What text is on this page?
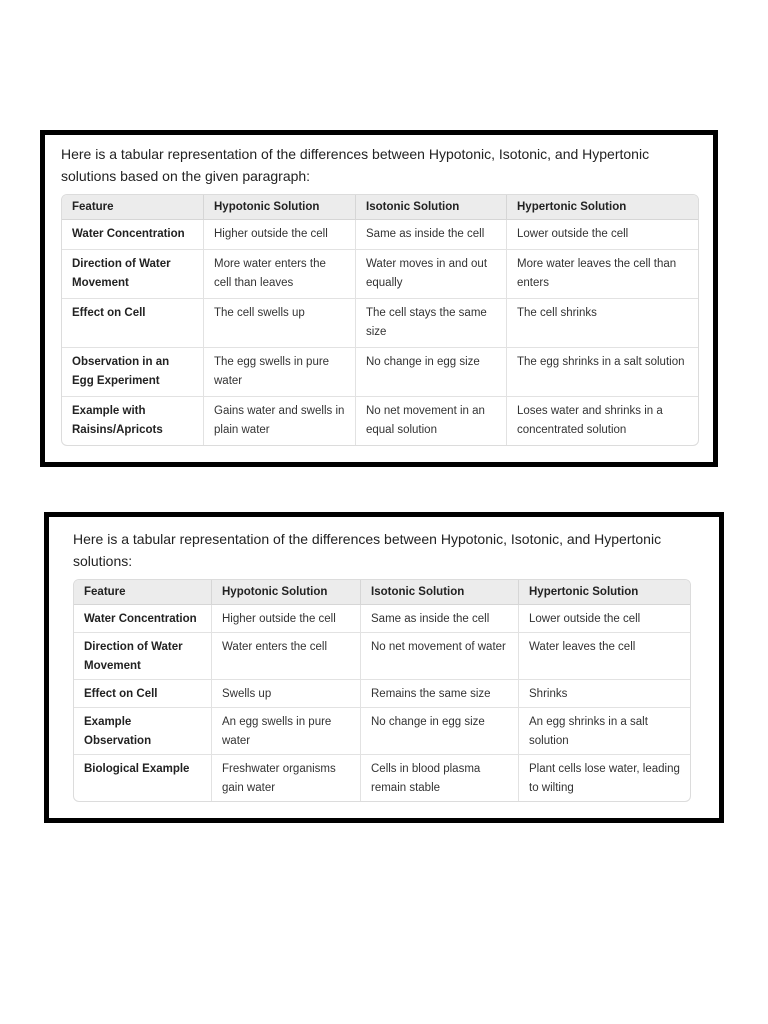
Here is a tabular representation of the differences between Hypotonic, Isotonic, and Hypertonic solutions based on the given paragraph:

Feature	Hypotonic Solution	Isotonic Solution	Hypertonic Solution
Water Concentration	Higher outside the cell	Same as inside the cell	Lower outside the cell
Direction of Water Movement	More water enters the cell than leaves	Water moves in and out equally	More water leaves the cell than enters
Effect on Cell	The cell swells up	The cell stays the same size	The cell shrinks
Observation in an Egg Experiment	The egg swells in pure water	No change in egg size	The egg shrinks in a salt solution
Example with Raisins/Apricots	Gains water and swells in plain water	No net movement in an equal solution	Loses water and shrinks in a concentrated solution

Here is a tabular representation of the differences between Hypotonic, Isotonic, and Hypertonic solutions:

Feature	Hypotonic Solution	Isotonic Solution	Hypertonic Solution
Water Concentration	Higher outside the cell	Same as inside the cell	Lower outside the cell
Direction of Water Movement	Water enters the cell	No net movement of water	Water leaves the cell
Effect on Cell	Swells up	Remains the same size	Shrinks
Example Observation	An egg swells in pure water	No change in egg size	An egg shrinks in a salt solution
Biological Example	Freshwater organisms gain water	Cells in blood plasma remain stable	Plant cells lose water, leading to wilting
